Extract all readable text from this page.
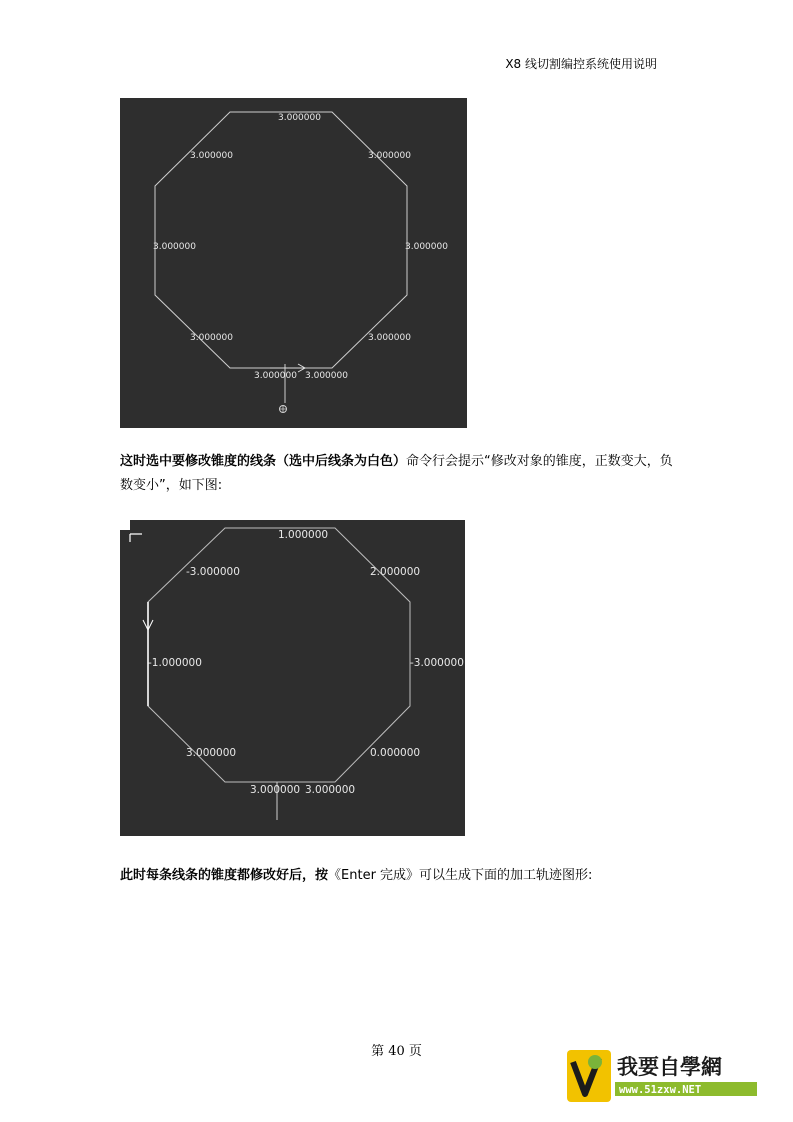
X8 线切割编控系统使用说明
3.000000
3.000000
3.000000
3.000000
3.000000
3.000000
3.000000
3.000000
3.000000
这时选中要修改锥度的线条（选中后线条为白色）命令行会提示“修改对象的锥度，正数变大，负数变小”，如下图:
1.000000
2.000000
-3.000000
0.000000
3.000000
3.000000
3.000000
-1.000000
-3.000000
此时每条线条的锥度都修改好后，按《Enter 完成》可以生成下面的加工轨迹图形:
第 40 页
我要自學網
www.51zxw.NET
